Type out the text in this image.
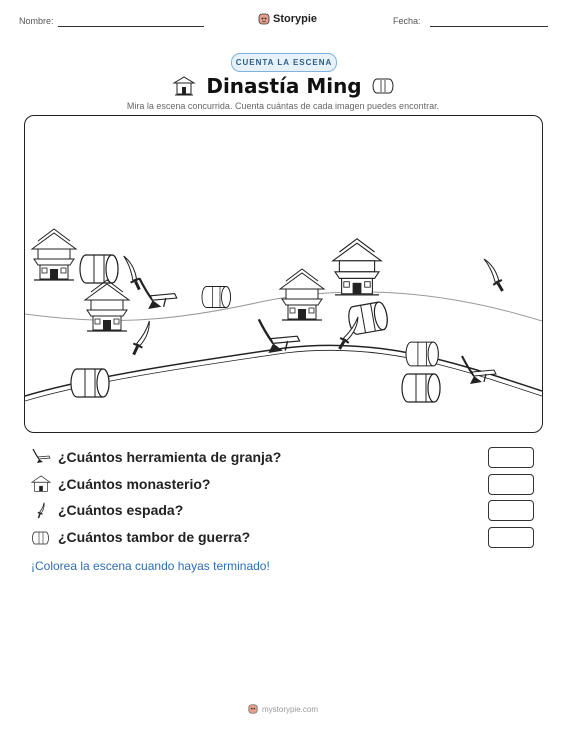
Nombre:	Storypie	Fecha:
CUENTA LA ESCENA
Dinastía Ming
Mira la escena concurrida. Cuenta cuántas de cada imagen puedes encontrar.
¿Cuántos herramienta de granja?
¿Cuántos monasterio?
¿Cuántos espada?
¿Cuántos tambor de guerra?
¡Colorea la escena cuando hayas terminado!
mystorypie.com
